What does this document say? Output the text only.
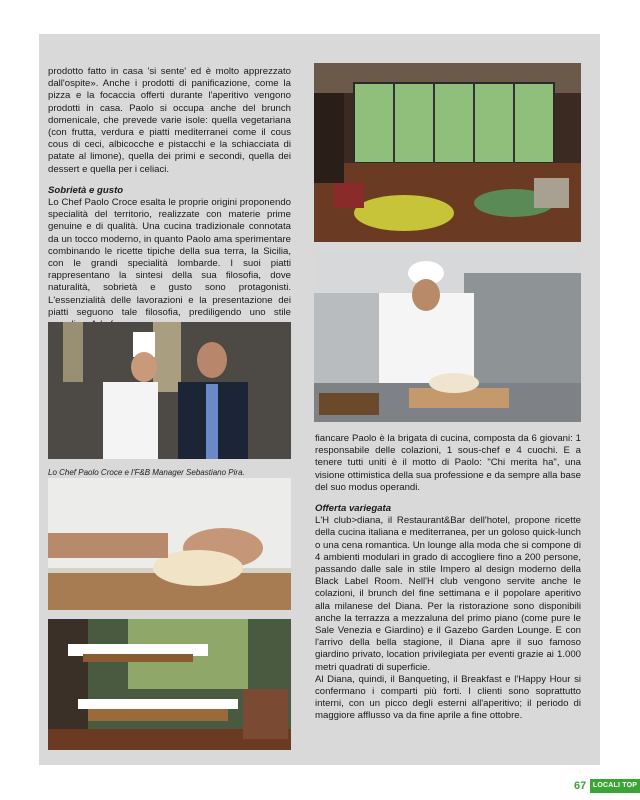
prodotto fatto in casa 'si sente' ed è molto apprezzato dall'ospite». Anche i prodotti di panificazione, come la pizza e la focaccia offerti durante l'aperitivo vengono prodotti in casa. Paolo si occupa anche del brunch domenicale, che prevede varie isole: quella vegetariana (con frutta, verdura e piatti mediterranei come il cous cous di ceci, albicocche e pistacchi e la schiacciata di patate al limone), quella dei primi e secondi, quella dei dessert e quella per i celiaci.

Sobrietà e gusto

Lo Chef Paolo Croce esalta le proprie origini proponendo specialità del territorio, realizzate con materie prime genuine e di qualità. Una cucina tradizionale connotata da un tocco moderno, in quanto Paolo ama sperimentare combinando le ricette tipiche della sua terra, la Sicilia, con le grandi specialità lombarde. I suoi piatti rappresentano la sintesi della sua filosofia, dove naturalità, sobrietà e gusto sono protagonisti. L'essenzialità delle lavorazioni e la presentazione dei piatti seguono tale filosofia, prediligendo uno stile

Lo Chef Paolo Croce e l'F&B Manager Sebastiano Pira.

fiancare Paolo è la brigata di cucina, composta da 6 giovani: 1 responsabile delle colazioni, 1 sous-chef e 4 cuochi. E a tenere tutti uniti è il motto di Paolo: "Chi merita ha", una visione ottimistica della sua professione e da sempre alla base del suo modus operandi.

Offerta variegata

L'H club>diana, il Restaurant&Bar dell'hotel, propone ricette della cucina italiana e mediterranea, per un goloso quick-lunch o una cena romantica. Un lounge alla moda che si compone di 4 ambienti modulari in grado di accogliere fino a 200 persone, passando dalle sale in stile Impero al design moderno della Black Label Room. Nell'H club vengono servite anche le colazioni, il brunch del fine settimana e il popolare aperitivo alla milanese del Diana. Per la ristorazione sono disponibili anche la terrazza a mezzaluna del primo piano (come pure le Sale Venezia e Giardino) e il Gazebo Garden Lounge. E con l'arrivo della bella stagione, il Diana apre il suo famoso giardino privato, location privilegiata per eventi grazie ai 1.000 metri quadrati di superficie.

Al Diana, quindi, il Banqueting, il Breakfast e l'Happy Hour si confermano i comparti più forti. I clienti sono soprattutto interni, con un picco degli esterni all'aperitivo; il periodo di maggiore afflusso va da fine aprile a fine ottobre.

67 LOCALI TOP
